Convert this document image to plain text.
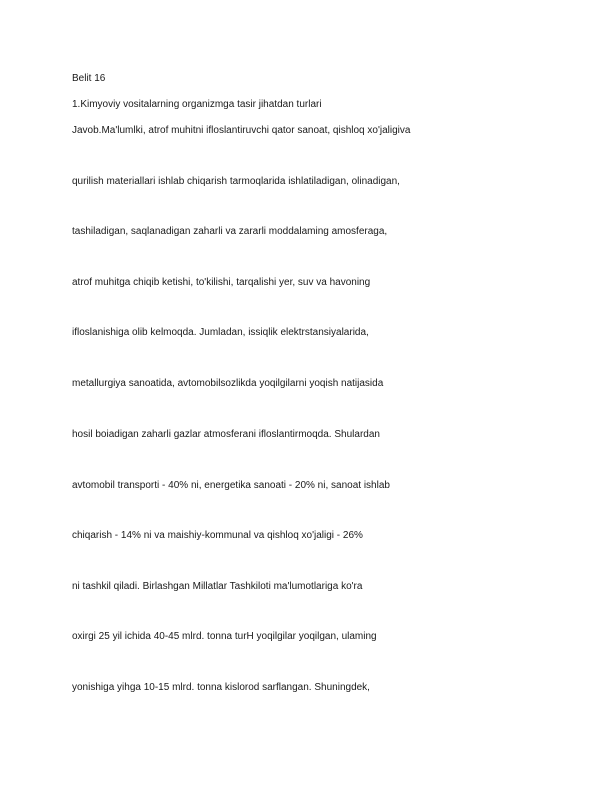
Belit 16
1.Kimyoviy vositalarning organizmga tasir jihatdan turlari
Javob.Ma'lumlki, atrof muhitni ifloslantiruvchi qator sanoat, qishloq xo'jaligiva
qurilish materiallari ishlab chiqarish tarmoqlarida ishlatiladigan, olinadigan,
tashiladigan, saqlanadigan zaharli va zararli moddalaming amosferaga,
atrof muhitga chiqib ketishi, to'kilishi, tarqalishi yer, suv va havoning
ifloslanishiga olib kelmoqda. Jumladan, issiqlik elektrstansiyalarida,
metallurgiya sanoatida, avtomobilsozlikda yoqilgilarni yoqish natijasida
hosil boiadigan zaharli gazlar atmosferani ifloslantirmoqda. Shulardan
avtomobil transporti - 40% ni, energetika sanoati - 20% ni, sanoat ishlab
chiqarish - 14% ni va maishiy-kommunal va qishloq xo'jaligi - 26%
ni tashkil qiladi. Birlashgan Millatlar Tashkiloti ma'lumotlariga ko'ra
oxirgi 25 yil ichida 40-45 mlrd. tonna turH yoqilgilar yoqilgan, ulaming
yonishiga yihga 10-15 mlrd. tonna kislorod sarflangan. Shuningdek,
